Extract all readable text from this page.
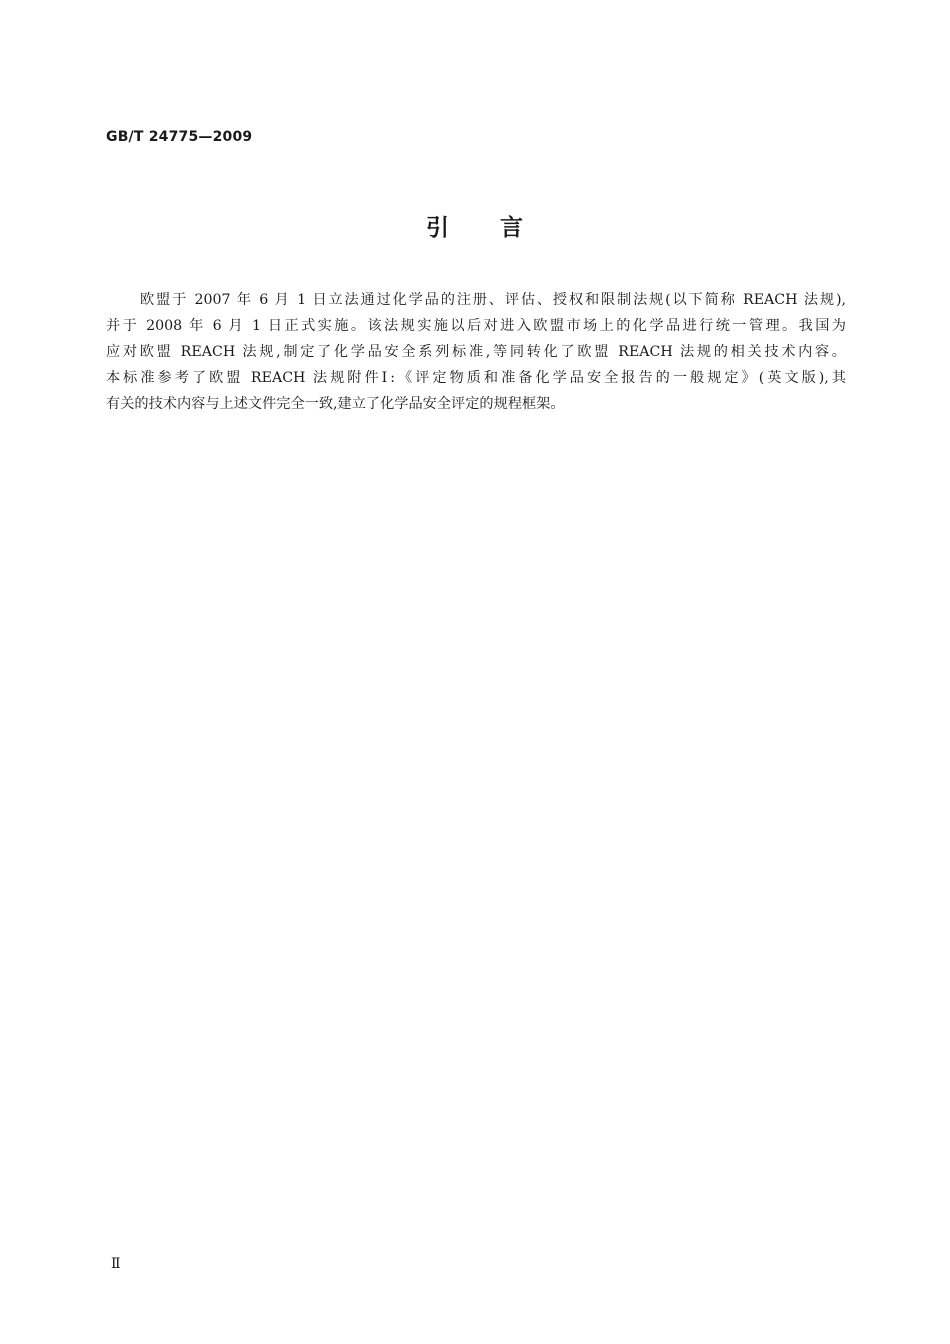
GB/T 24775—2009
引 言
欧盟于 2007 年 6 月 1 日立法通过化学品的注册、评估、授权和限制法规(以下简称 REACH 法规),
并于 2008 年 6 月 1 日正式实施。该法规实施以后对进入欧盟市场上的化学品进行统一管理。我国为
应对欧盟 REACH 法规,制定了化学品安全系列标准,等同转化了欧盟 REACH 法规的相关技术内容。
本标准参考了欧盟 REACH 法规附件Ⅰ:《评定物质和准备化学品安全报告的一般规定》(英文版),其
有关的技术内容与上述文件完全一致,建立了化学品安全评定的规程框架。
Ⅱ
